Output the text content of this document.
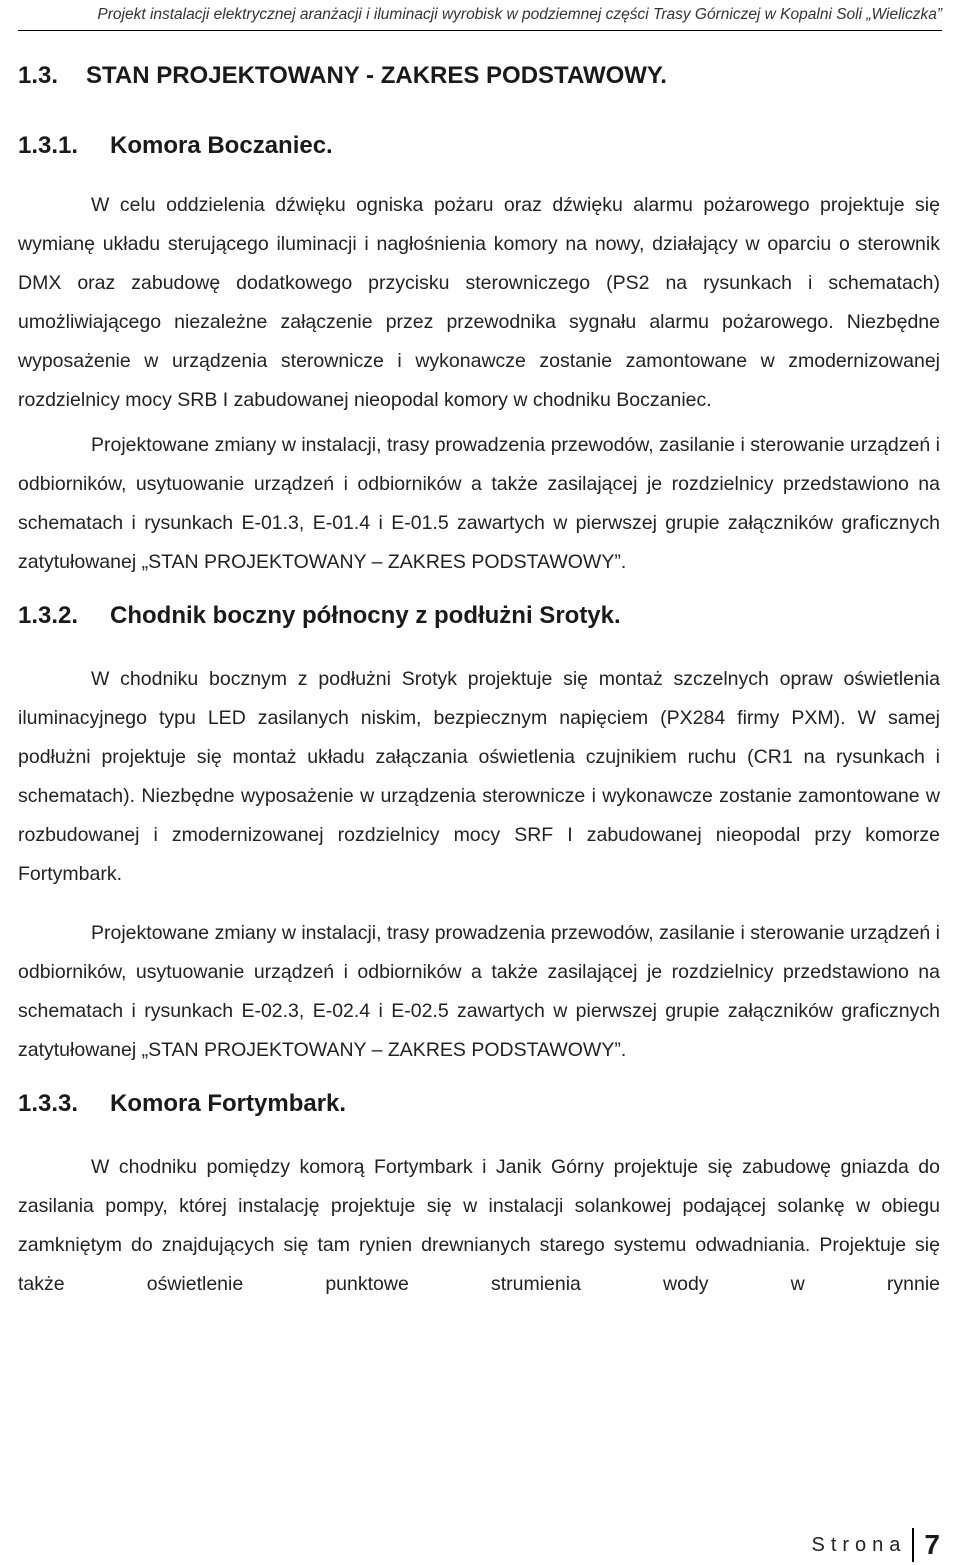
Projekt instalacji elektrycznej aranżacji i iluminacji wyrobisk w podziemnej części Trasy Górniczej w Kopalni Soli „Wieliczka”
1.3.	STAN PROJEKTOWANY - ZAKRES PODSTAWOWY.
1.3.1.	Komora Boczaniec.

W celu oddzielenia dźwięku ogniska pożaru oraz dźwięku alarmu pożarowego projektuje się wymianę układu sterującego iluminacji i nagłośnienia komory na nowy, działający w oparciu o sterownik DMX oraz zabudowę dodatkowego przycisku sterowniczego (PS2 na rysunkach i schematach) umożliwiającego niezależne załączenie przez przewodnika sygnału alarmu pożarowego. Niezbędne wyposażenie w urządzenia sterownicze i wykonawcze zostanie zamontowane w zmodernizowanej rozdzielnicy mocy SRB I zabudowanej nieopodal komory w chodniku Boczaniec.

Projektowane zmiany w instalacji, trasy prowadzenia przewodów, zasilanie i sterowanie urządzeń i odbiorników, usytuowanie urządzeń i odbiorników a także zasilającej je rozdzielnicy przedstawiono na schematach i rysunkach E-01.3, E-01.4 i E-01.5 zawartych w pierwszej grupie załączników graficznych zatytułowanej „STAN PROJEKTOWANY – ZAKRES PODSTAWOWY”.

1.3.2.	Chodnik boczny północny z podłużni Srotyk.

W chodniku bocznym z podłużni Srotyk projektuje się montaż szczelnych opraw oświetlenia iluminacyjnego typu LED zasilanych niskim, bezpiecznym napięciem (PX284 firmy PXM). W samej podłużni projektuje się montaż układu załączania oświetlenia czujnikiem ruchu (CR1 na rysunkach i schematach). Niezbędne wyposażenie w urządzenia sterownicze i wykonawcze zostanie zamontowane w rozbudowanej i zmodernizowanej rozdzielnicy mocy SRF I zabudowanej nieopodal przy komorze Fortymbark.

Projektowane zmiany w instalacji, trasy prowadzenia przewodów, zasilanie i sterowanie urządzeń i odbiorników, usytuowanie urządzeń i odbiorników a także zasilającej je rozdzielnicy przedstawiono na schematach i rysunkach E-02.3, E-02.4 i E-02.5 zawartych w pierwszej grupie załączników graficznych zatytułowanej „STAN PROJEKTOWANY – ZAKRES PODSTAWOWY”.

1.3.3.	Komora Fortymbark.

W chodniku pomiędzy komorą Fortymbark i Janik Górny projektuje się zabudowę gniazda do zasilania pompy, której instalację projektuje się w instalacji solankowej podającej solankę w obiegu zamkniętym do znajdujących się tam rynien drewnianych starego systemu odwadniania. Projektuje się także oświetlenie punktowe strumienia wody w rynnie

Strona 7
